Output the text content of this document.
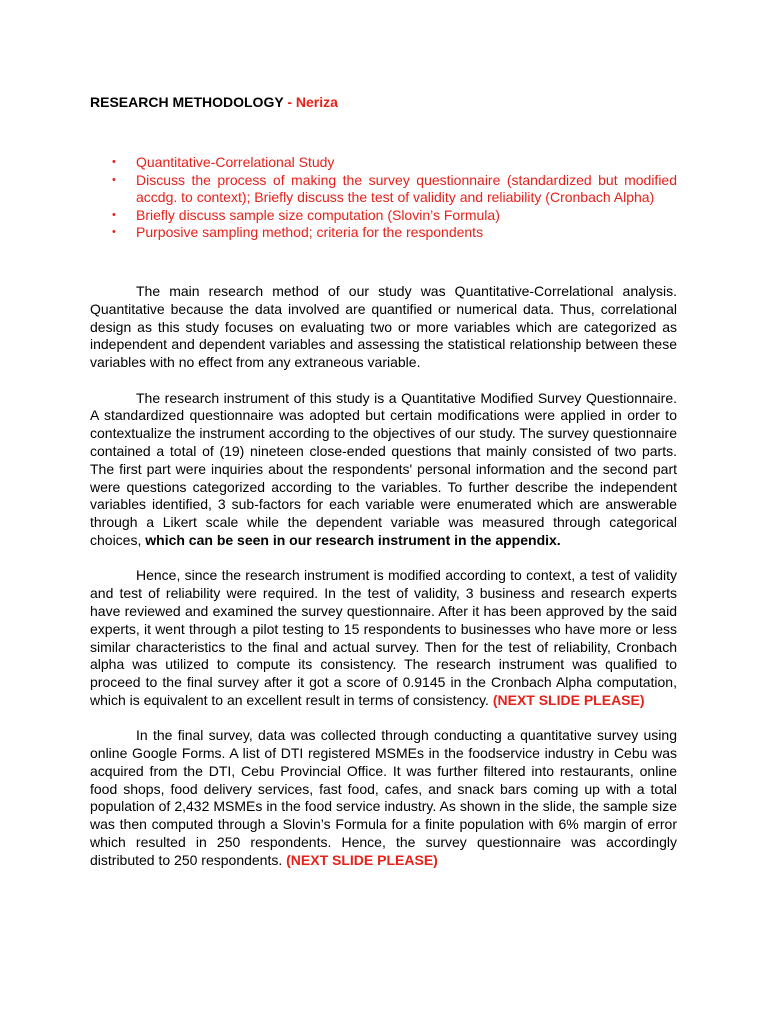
RESEARCH METHODOLOGY - Neriza

• Quantitative-Correlational Study
• Discuss the process of making the survey questionnaire (standardized but modified accdg. to context); Briefly discuss the test of validity and reliability (Cronbach Alpha)
• Briefly discuss sample size computation (Slovin’s Formula)
• Purposive sampling method; criteria for the respondents

The main research method of our study was Quantitative-Correlational analysis. Quantitative because the data involved are quantified or numerical data. Thus, correlational design as this study focuses on evaluating two or more variables which are categorized as independent and dependent variables and assessing the statistical relationship between these variables with no effect from any extraneous variable.

The research instrument of this study is a Quantitative Modified Survey Questionnaire. A standardized questionnaire was adopted but certain modifications were applied in order to contextualize the instrument according to the objectives of our study. The survey questionnaire contained a total of (19) nineteen close-ended questions that mainly consisted of two parts. The first part were inquiries about the respondents' personal information and the second part were questions categorized according to the variables. To further describe the independent variables identified, 3 sub-factors for each variable were enumerated which are answerable through a Likert scale while the dependent variable was measured through categorical choices, which can be seen in our research instrument in the appendix.

Hence, since the research instrument is modified according to context, a test of validity and test of reliability were required. In the test of validity, 3 business and research experts have reviewed and examined the survey questionnaire. After it has been approved by the said experts, it went through a pilot testing to 15 respondents to businesses who have more or less similar characteristics to the final and actual survey. Then for the test of reliability, Cronbach alpha was utilized to compute its consistency. The research instrument was qualified to proceed to the final survey after it got a score of 0.9145 in the Cronbach Alpha computation, which is equivalent to an excellent result in terms of consistency. (NEXT SLIDE PLEASE)

In the final survey, data was collected through conducting a quantitative survey using online Google Forms. A list of DTI registered MSMEs in the foodservice industry in Cebu was acquired from the DTI, Cebu Provincial Office. It was further filtered into restaurants, online food shops, food delivery services, fast food, cafes, and snack bars coming up with a total population of 2,432 MSMEs in the food service industry. As shown in the slide, the sample size was then computed through a Slovin’s Formula for a finite population with 6% margin of error which resulted in 250 respondents. Hence, the survey questionnaire was accordingly distributed to 250 respondents. (NEXT SLIDE PLEASE)
